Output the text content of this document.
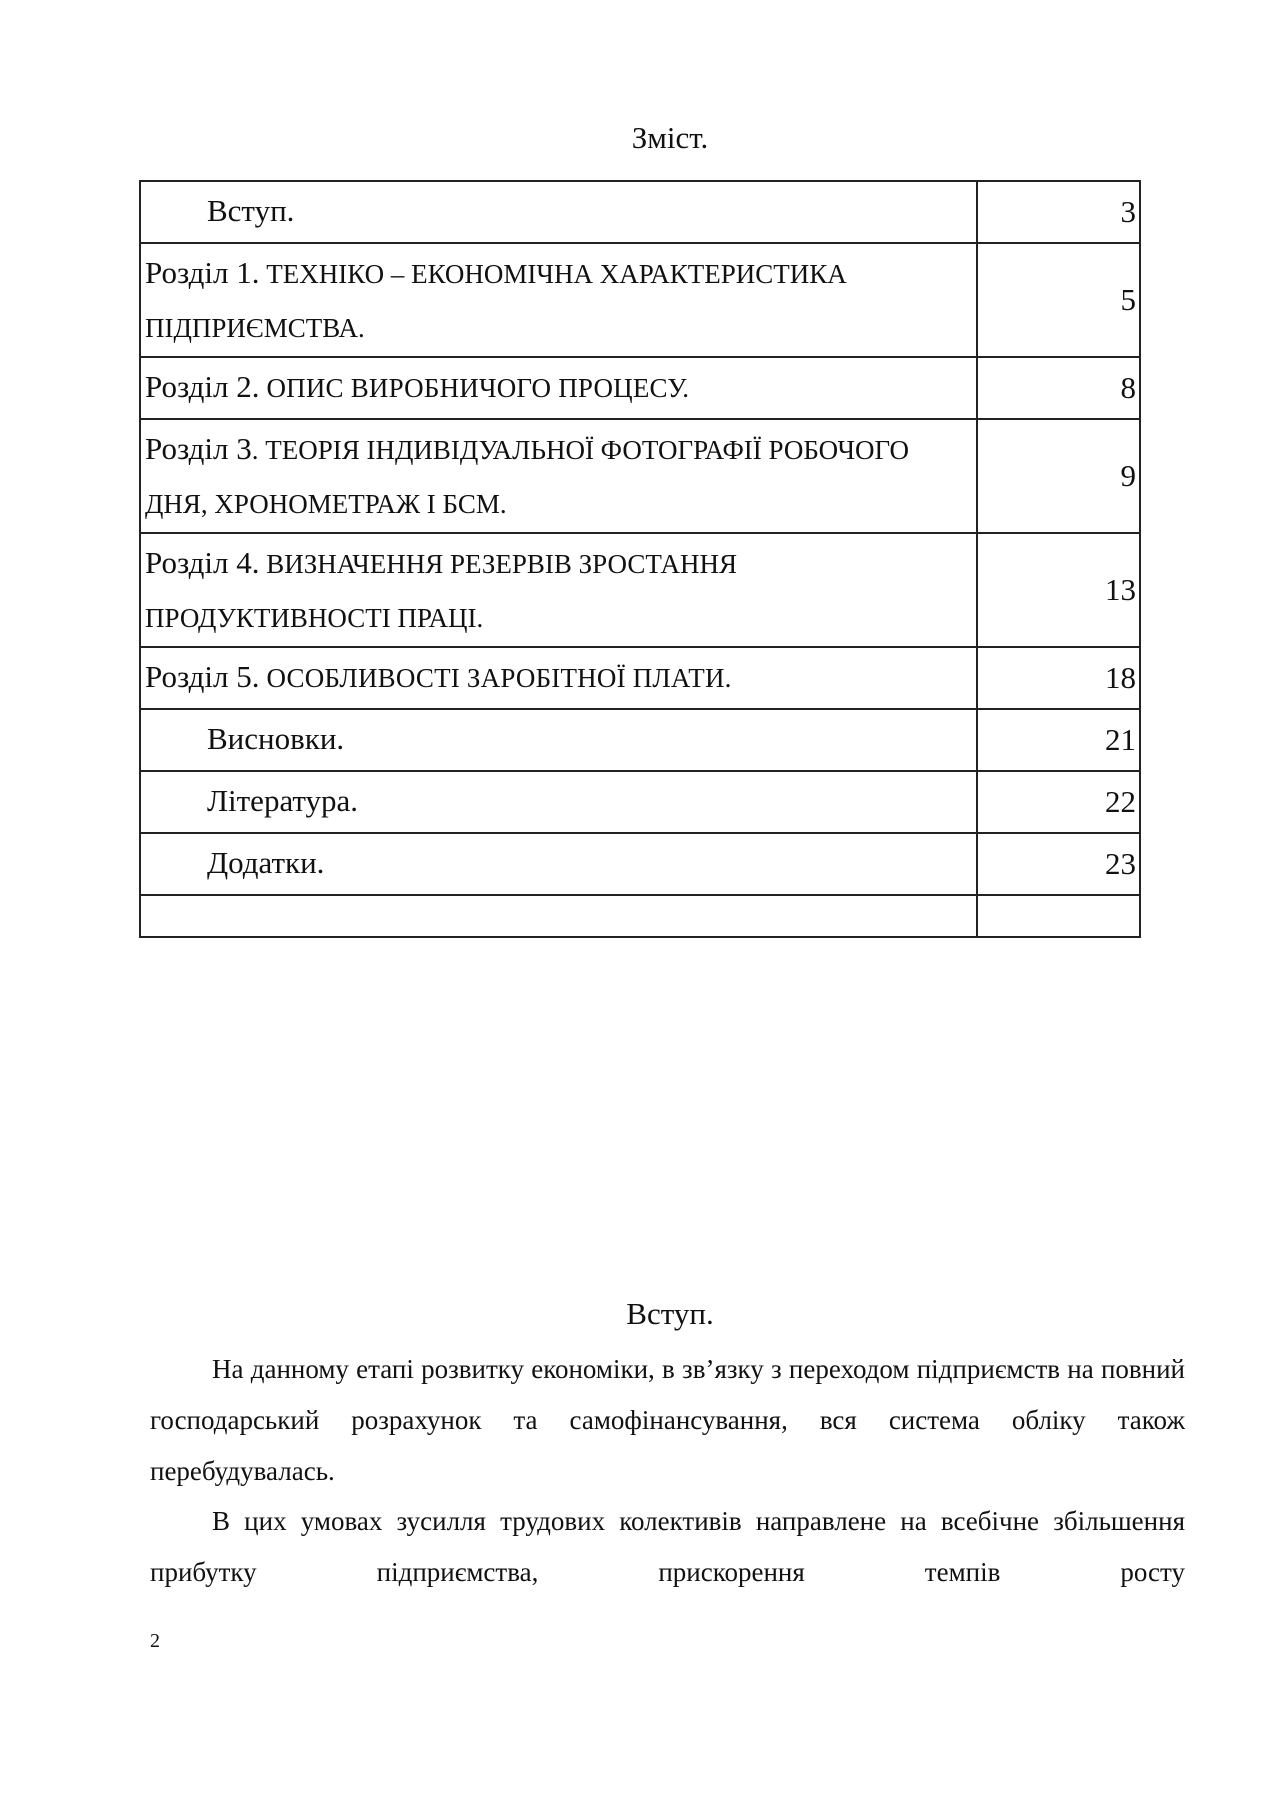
Зміст.
Вступ.	3

Розділ 1. ТЕХНІКО – ЕКОНОМІЧНА ХАРАКТЕРИСТИКА ПІДПРИЄМСТВА.	5

Розділ 2. ОПИС ВИРОБНИЧОГО ПРОЦЕСУ.	8

Розділ 3. ТЕОРІЯ ІНДИВІДУАЛЬНОЇ ФОТОГРАФІЇ РОБОЧОГО ДНЯ, ХРОНОМЕТРАЖ І БСМ.	9

Розділ 4. ВИЗНАЧЕННЯ РЕЗЕРВІВ ЗРОСТАННЯ ПРОДУКТИВНОСТІ ПРАЦІ.	13

Розділ 5. ОСОБЛИВОСТІ ЗАРОБІТНОЇ ПЛАТИ.	18

Висновки.	21

Література.	22

Додатки.	23

Вступ.
На данному етапі розвитку економіки, в зв’язку з переходом підприємств на повний господарський розрахунок та самофінансування, вся система обліку також перебудувалась.
В цих умовах зусилля трудових колективів направлене на всебічне збільшення прибутку підприємства, прискорення темпів росту
2
